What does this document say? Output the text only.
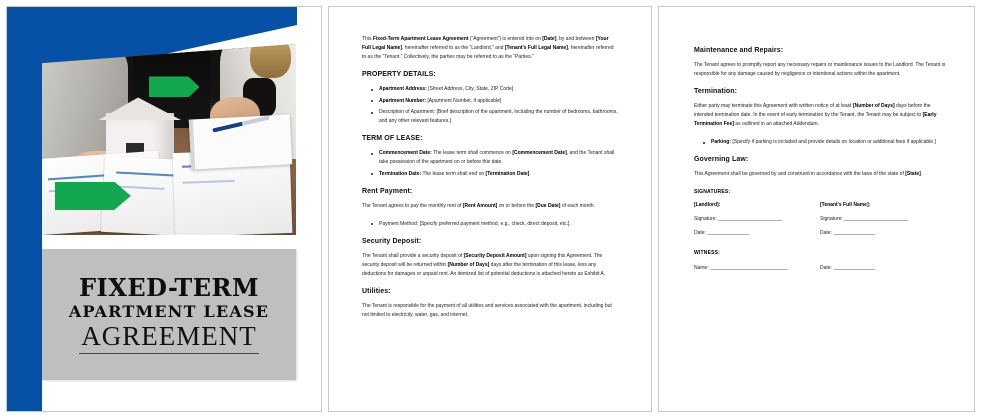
FIXED-TERM
APARTMENT LEASE
AGREEMENT

This Fixed-Term Apartment Lease Agreement (“Agreement”) is entered into on [Date], by and between [Your Full Legal Name], hereinafter referred to as the “Landlord,” and [Tenant’s Full Legal Name], hereinafter referred to as the “Tenant.” Collectively, the parties may be referred to as the “Parties.”

PROPERTY DETAILS:
Apartment Address: [Street Address, City, State, ZIP Code]
Apartment Number: [Apartment Number, if applicable]
Description of Apartment: [Brief description of the apartment, including the number of bedrooms, bathrooms, and any other relevant features.]
TERM OF LEASE:
Commencement Date: The lease term shall commence on [Commencement Date], and the Tenant shall take possession of the apartment on or before this date.
Termination Date: The lease term shall end on [Termination Date].
Rent Payment:

The Tenant agrees to pay the monthly rent of [Rent Amount] on or before the [Due Date] of each month.

Payment Method: [Specify preferred payment method, e.g., check, direct deposit, etc.].
Security Deposit:

The Tenant shall provide a security deposit of [Security Deposit Amount] upon signing this Agreement. The security deposit will be returned within [Number of Days] days after the termination of this lease, less any deductions for damages or unpaid rent. An itemized list of potential deductions is attached hereto as Exhibit A.

Utilities:

The Tenant is responsible for the payment of all utilities and services associated with the apartment, including but not limited to electricity, water, gas, and internet.

Maintenance and Repairs:

The Tenant agrees to promptly report any necessary repairs or maintenance issues to the Landlord. The Tenant is responsible for any damage caused by negligence or intentional actions within the apartment.

Termination:

Either party may terminate this Agreement with written notice of at least [Number of Days] days before the intended termination date. In the event of early termination by the Tenant, the Tenant may be subject to [Early Termination Fee] as outlined in an attached Addendum.

Parking: [Specify if parking is included and provide details on location or additional fees if applicable.]
Governing Law:

This Agreement shall be governed by and construed in accordance with the laws of the state of [State].

SIGNATURES:
[Landlord]:
Signature: _______________________
Date: _______________
[Tenant’s Full Name]:
Signature: _______________________
Date: _______________
WITNESS:
Name: ____________________________	Date: _______________
